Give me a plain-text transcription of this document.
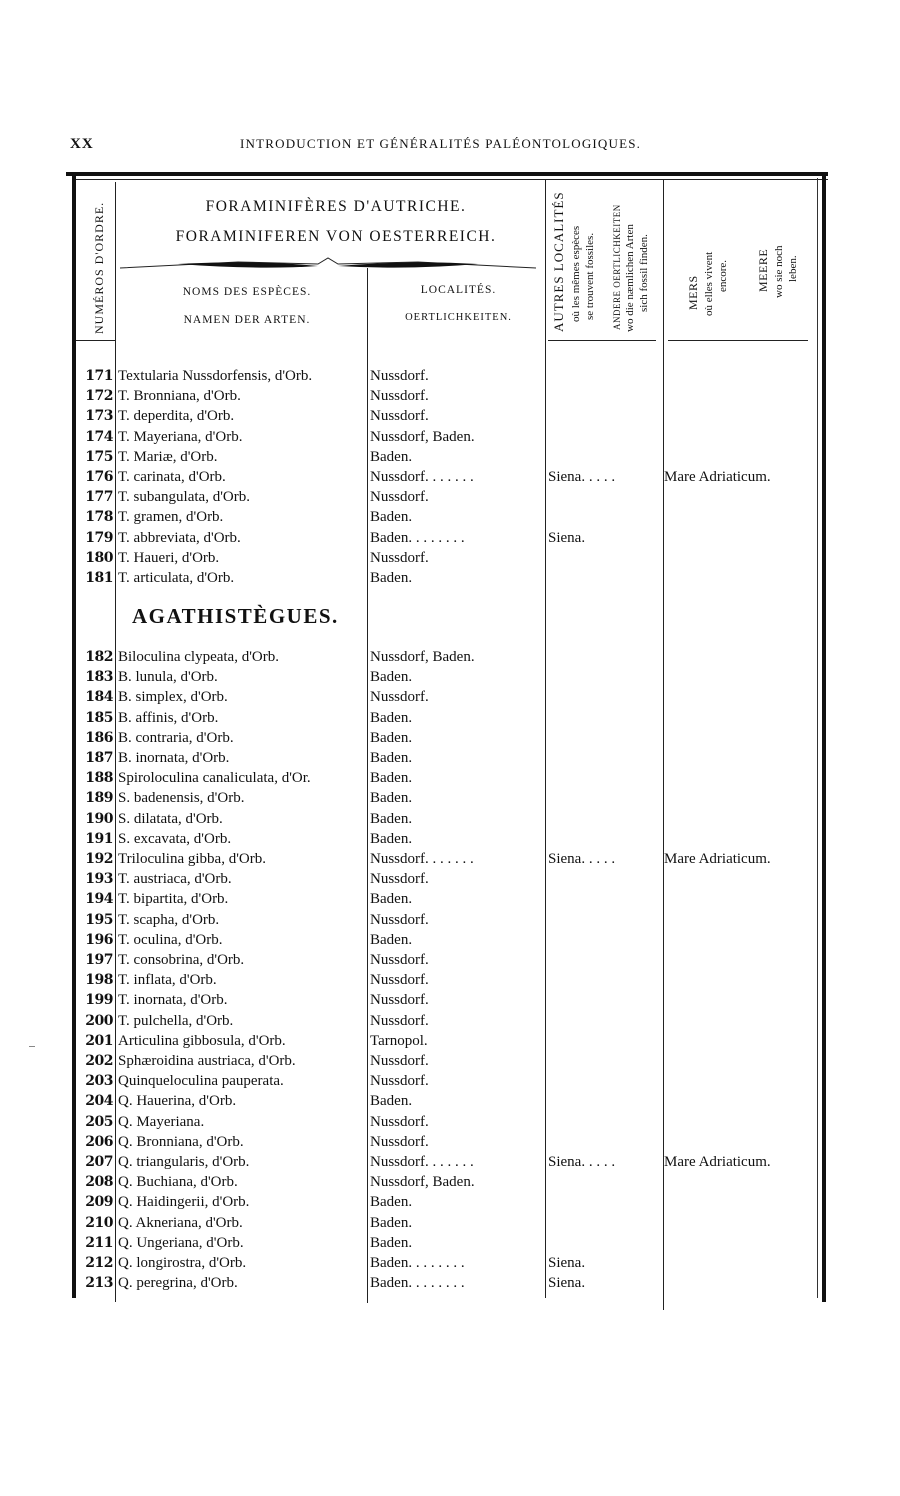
XX	INTRODUCTION ET GÉNÉRALITÉS PALÉONTOLOGIQUES.
NUMÉROS D'ORDRE.	FORAMINIFÈRES D'AUTRICHE.
FORAMINIFEREN VON OESTERREICH.
NOMS DES ESPÈCES.
NAMEN DER ARTEN.
LOCALITÉS.
OERTLICHKEITEN.	AUTRES LOCALITÉS où les mêmes espèces se trouvent fossiles. ANDERE OERTLICHKEITEN wo die næmlichen Arten sich fossil finden.	MERS où elles vivent encore. MEERE wo sie noch leben.
AGATHISTÈGUES.
171 Textularia Nussdorfensis, d'Orb.	Nussdorf.
172 T. Bronniana, d'Orb.	Nussdorf.
173 T. deperdita, d'Orb.	Nussdorf.
174 T. Mayeriana, d'Orb.	Nussdorf, Baden.
175 T. Mariæ, d'Orb.	Baden.
176 T. carinata, d'Orb.	Nussdorf. . . . . . .	Siena. . . . .	Mare Adriaticum.
177 T. subangulata, d'Orb.	Nussdorf.
178 T. gramen, d'Orb.	Baden.
179 T. abbreviata, d'Orb.	Baden. . . . . . . .	Siena.
180 T. Haueri, d'Orb.	Nussdorf.
181 T. articulata, d'Orb.	Baden.
182 Biloculina clypeata, d'Orb.	Nussdorf, Baden.
183 B. lunula, d'Orb.	Baden.
184 B. simplex, d'Orb.	Nussdorf.
185 B. affinis, d'Orb.	Baden.
186 B. contraria, d'Orb.	Baden.
187 B. inornata, d'Orb.	Baden.
188 Spiroloculina canaliculata, d'Or.	Baden.
189 S. badenensis, d'Orb.	Baden.
190 S. dilatata, d'Orb.	Baden.
191 S. excavata, d'Orb.	Baden.
192 Triloculina gibba, d'Orb.	Nussdorf. . . . . . .	Siena. . . . .	Mare Adriaticum.
193 T. austriaca, d'Orb.	Nussdorf.
194 T. bipartita, d'Orb.	Baden.
195 T. scapha, d'Orb.	Nussdorf.
196 T. oculina, d'Orb.	Baden.
197 T. consobrina, d'Orb.	Nussdorf.
198 T. inflata, d'Orb.	Nussdorf.
199 T. inornata, d'Orb.	Nussdorf.
200 T. pulchella, d'Orb.	Nussdorf.
201 Articulina gibbosula, d'Orb.	Tarnopol.
202 Sphæroidina austriaca, d'Orb.	Nussdorf.
203 Quinqueloculina pauperata.	Nussdorf.
204 Q. Hauerina, d'Orb.	Baden.
205 Q. Mayeriana.	Nussdorf.
206 Q. Bronniana, d'Orb.	Nussdorf.
207 Q. triangularis, d'Orb.	Nussdorf. . . . . . .	Siena. . . . .	Mare Adriaticum.
208 Q. Buchiana, d'Orb.	Nussdorf, Baden.
209 Q. Haidingerii, d'Orb.	Baden.
210 Q. Akneriana, d'Orb.	Baden.
211 Q. Ungeriana, d'Orb.	Baden.
212 Q. longirostra, d'Orb.	Baden. . . . . . . .	Siena.
213 Q. peregrina, d'Orb.	Baden. . . . . . . .	Siena.
